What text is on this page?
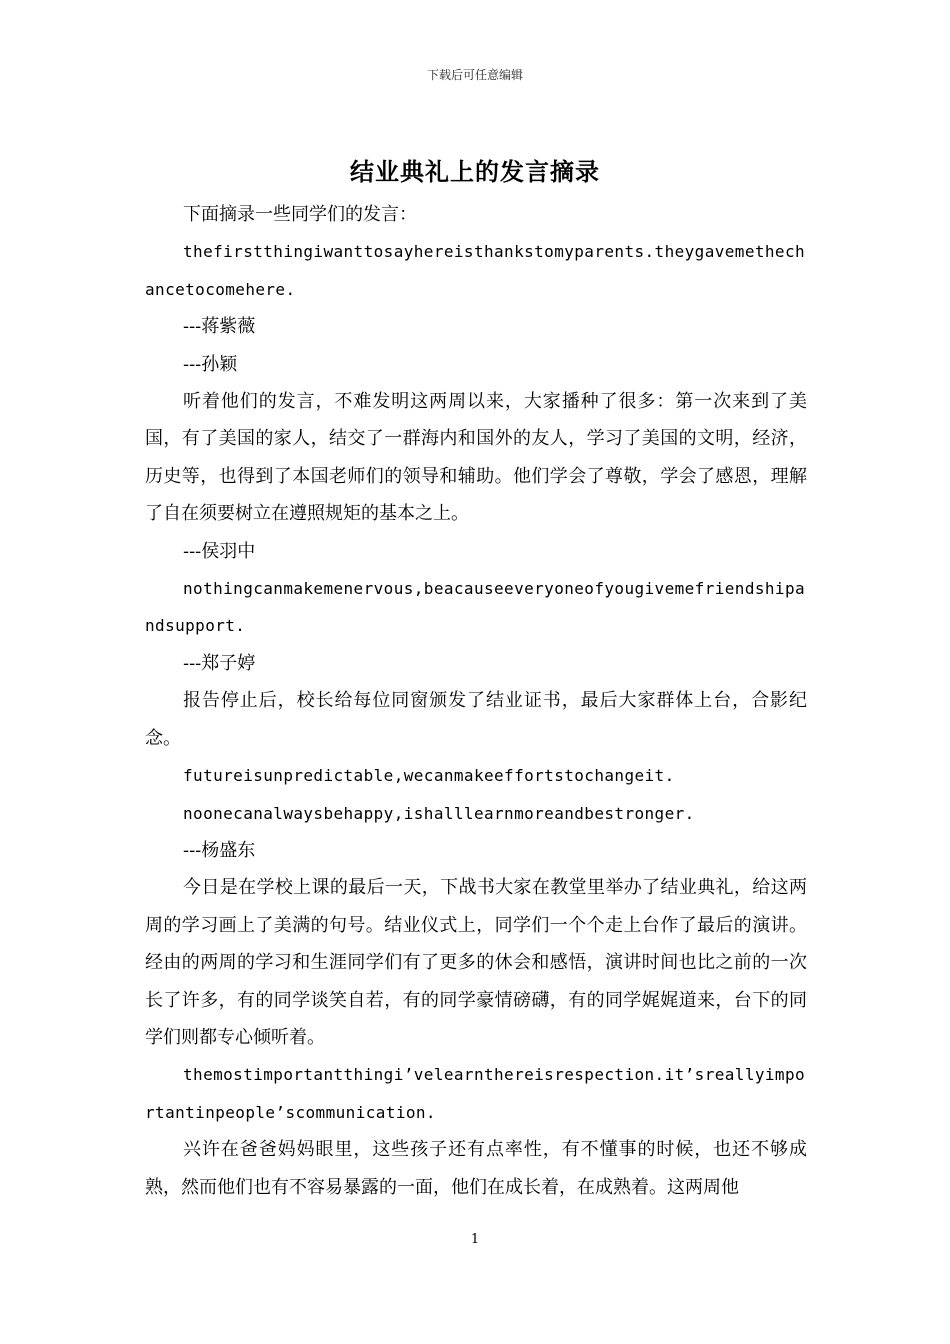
下载后可任意编辑
结业典礼上的发言摘录

下面摘录一些同学们的发言：

thefirstthingiwanttosayhereisthankstomyparents.theygavemethechancetocomehere.

---蒋紫薇

---孙颖

听着他们的发言，不难发明这两周以来，大家播种了很多：第一次来到了美国，有了美国的家人，结交了一群海内和国外的友人，学习了美国的文明，经济，历史等，也得到了本国老师们的领导和辅助。他们学会了尊敬，学会了感恩，理解了自在须要树立在遵照规矩的基本之上。

---侯羽中

nothingcanmakemenervous,beacauseeveryoneofyougivemefriendshipandsupport.

---郑子婷

报告停止后，校长给每位同窗颁发了结业证书，最后大家群体上台，合影纪念。

futureisunpredictable,wecanmakeeffortstochangeit.

noonecanalwaysbehappy,ishalllearnmoreandbestronger.

---杨盛东

今日是在学校上课的最后一天，下战书大家在教堂里举办了结业典礼，给这两周的学习画上了美满的句号。结业仪式上，同学们一个个走上台作了最后的演讲。经由的两周的学习和生涯同学们有了更多的休会和感悟，演讲时间也比之前的一次长了许多，有的同学谈笑自若，有的同学豪情磅礴，有的同学娓娓道来，台下的同学们则都专心倾听着。

themostimportantthingi’velearnthereisrespection.it’sreallyimportantinpeople’scommunication.

兴许在爸爸妈妈眼里，这些孩子还有点率性，有不懂事的时候，也还不够成熟，然而他们也有不容易暴露的一面，他们在成长着，在成熟着。这两周他

1
